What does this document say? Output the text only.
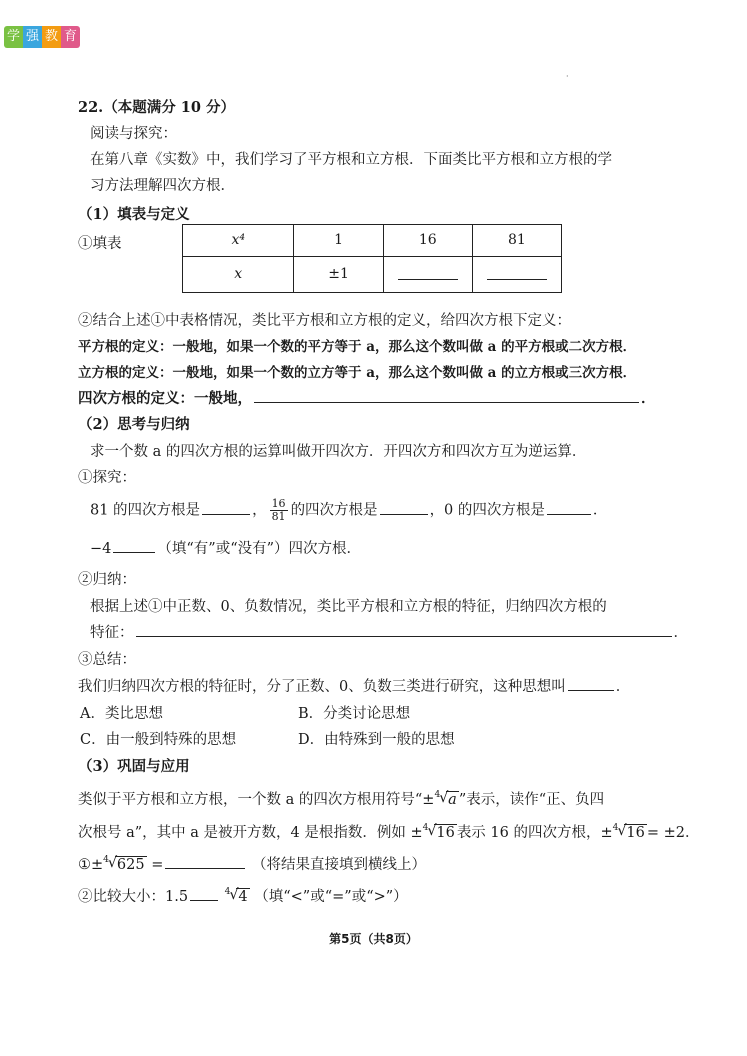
学 强 教 育
·
22.（本题满分 10 分）
阅读与探究：
在第八章《实数》中，我们学习了平方根和立方根．下面类比平方根和立方根的学
习方法理解四次方根．
（1）填表与定义
①填表	x⁴	1	16	81
x	±1		
②结合上述①中表格情况，类比平方根和立方根的定义，给四次方根下定义：
平方根的定义：一般地，如果一个数的平方等于 a，那么这个数叫做 a 的平方根或二次方根．
立方根的定义：一般地，如果一个数的立方等于 a，那么这个数叫做 a 的立方根或三次方根．
四次方根的定义：一般地，	．
（2）思考与归纳
求一个数 a 的四次方根的运算叫做开四次方．开四次方和四次方互为逆运算．
①探究：
81 的四次方根是	， $\frac{16}{81}$ 的四次方根是	，0 的四次方根是	．
−4	（填“有”或“没有”）四次方根．
②归纳：
根据上述①中正数、0、负数情况，类比平方根和立方根的特征，归纳四次方根的
特征：	．
③总结：
我们归纳四次方根的特征时，分了正数、0、负数三类进行研究，这种思想叫	．
A．类比思想	B．分类讨论思想
C．由一般到特殊的思想	D．由特殊到一般的思想
（3）巩固与应用
类似于平方根和立方根，一个数 a 的四次方根用符号“±$^4$ √ a ”表示，读作“正、负四
次根号 a”，其中 a 是被开方数，4 是根指数．例如 ±$^4$ √ 16 表示 16 的四次方根，±$^4$ √ 16 = ±2．
①±$^4$ √ 625 =	（将结果直接填到横线上）
②比较大小：1.5	$^4$ √ 4 （填“<”或“=”或“>”）
第5页（共8页）
